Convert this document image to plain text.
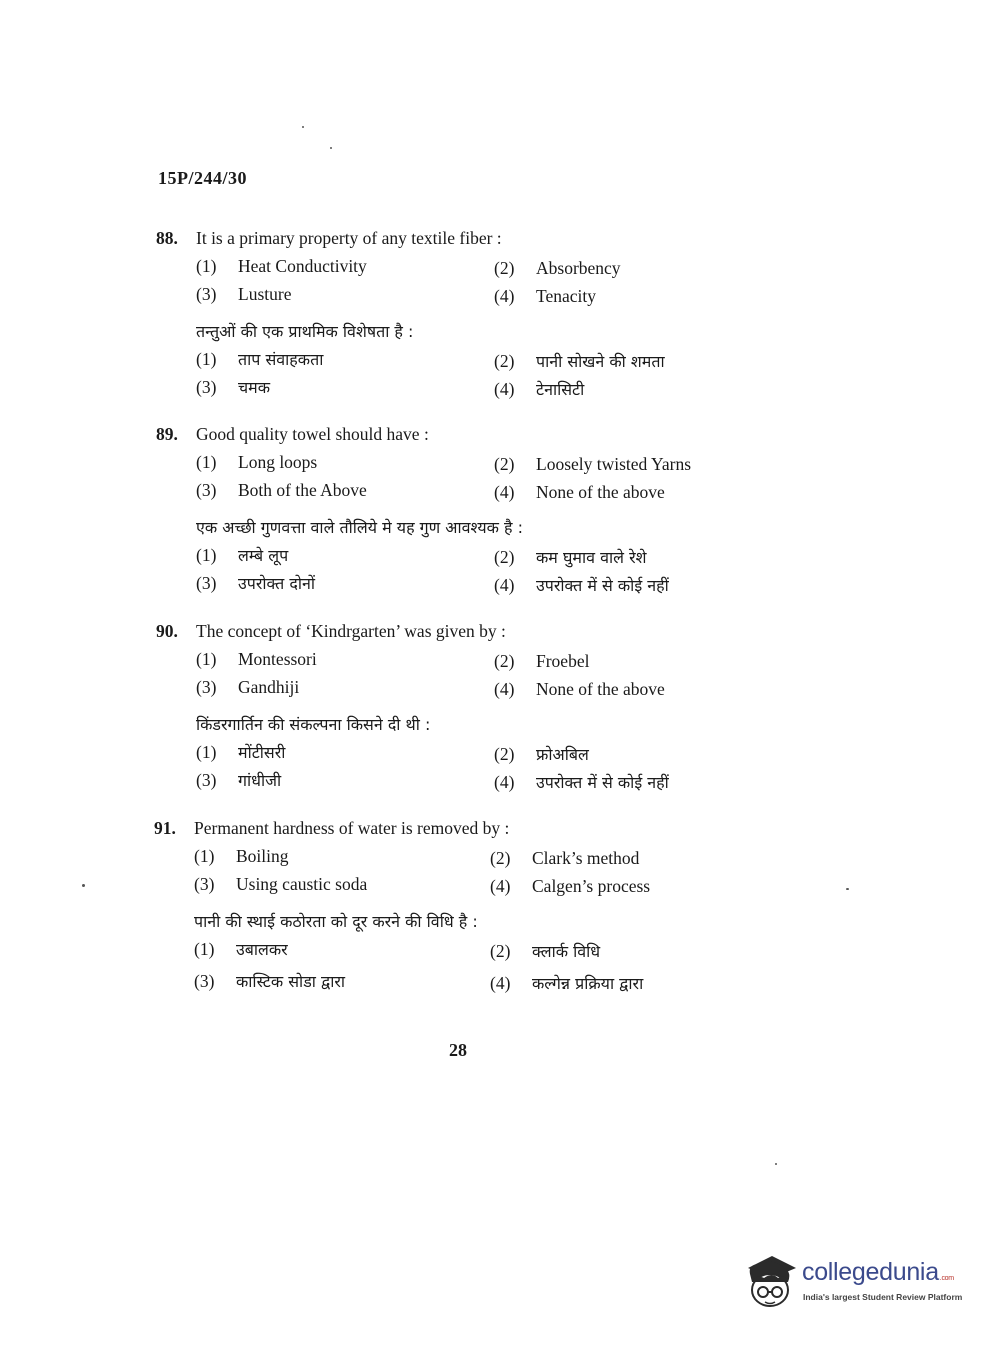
15P/244/30
88. It is a primary property of any textile fiber :
(1) Heat Conductivity	(2) Absorbency
(3) Lusture	(4) Tenacity
तन्तुओं की एक प्राथमिक विशेषता है :
(1) ताप संवाहकता	(2) पानी सोखने की शमता
(3) चमक	(4) टेनासिटी
89. Good quality towel should have :
(1) Long loops	(2) Loosely twisted Yarns
(3) Both of the Above	(4) None of the above
एक अच्छी गुणवत्ता वाले तौलिये मे यह गुण आवश्यक है :
(1) लम्बे लूप	(2) कम घुमाव वाले रेशे
(3) उपरोक्त दोनों	(4) उपरोक्त में से कोई नहीं
90. The concept of ‘Kindrgarten’ was given by :
(1) Montessori	(2) Froebel
(3) Gandhiji	(4) None of the above
किंडरगार्तिन की संकल्पना किसने दी थी :
(1) मोंटीसरी	(2) फ्रोअबिल
(3) गांधीजी	(4) उपरोक्त में से कोई नहीं
91. Permanent hardness of water is removed by :
(1) Boiling	(2) Clark’s method
(3) Using caustic soda	(4) Calgen’s process
पानी की स्थाई कठोरता को दूर करने की विधि है :
(1) उबालकर	(2) क्लार्क विधि
(3) कास्टिक सोडा द्वारा	(4) कल्गेन्न प्रक्रिया द्वारा
28
collegedunia.com
India's largest Student Review Platform
